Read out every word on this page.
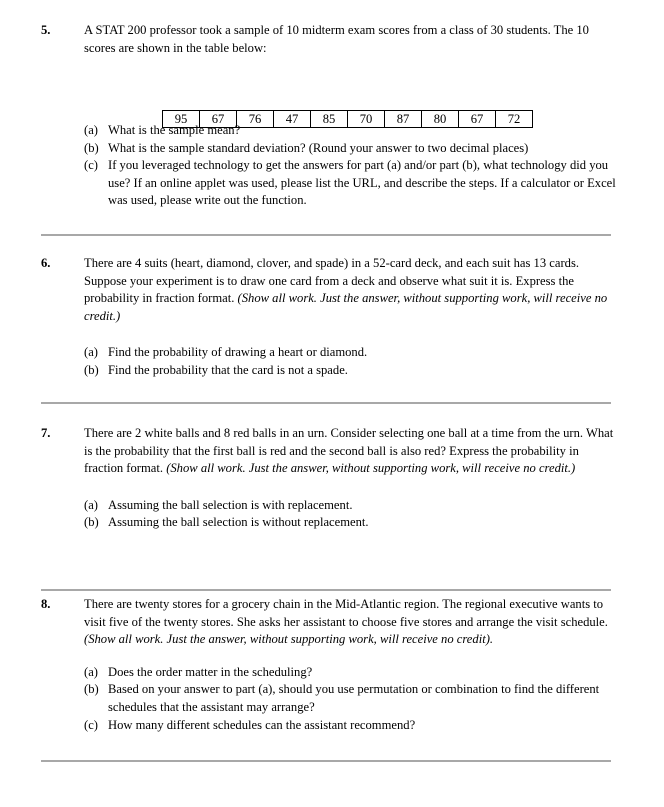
5.	A STAT 200 professor took a sample of 10 midterm exam scores from a class of 30 students. The 10 scores are shown in the table below:

95	67	76	47	85	70	87	80	67	72
(a) What is the sample mean?
(b) What is the sample standard deviation? (Round your answer to two decimal places)
(c) If you leveraged technology to get the answers for part (a) and/or part (b), what technology did you use? If an online applet was used, please list the URL, and describe the steps. If a calculator or Excel was used, please write out the function.
6.	There are 4 suits (heart, diamond, clover, and spade) in a 52-card deck, and each suit has 13 cards. Suppose your experiment is to draw one card from a deck and observe what suit it is. Express the probability in fraction format. (Show all work. Just the answer, without supporting work, will receive no credit.)

(a) Find the probability of drawing a heart or diamond.
(b) Find the probability that the card is not a spade.
7.	There are 2 white balls and 8 red balls in an urn. Consider selecting one ball at a time from the urn. What is the probability that the first ball is red and the second ball is also red? Express the probability in fraction format. (Show all work. Just the answer, without supporting work, will receive no credit.)

(a) Assuming the ball selection is with replacement.
(b) Assuming the ball selection is without replacement.
8.	There are twenty stores for a grocery chain in the Mid-Atlantic region. The regional executive wants to visit five of the twenty stores. She asks her assistant to choose five stores and arrange the visit schedule. (Show all work. Just the answer, without supporting work, will receive no credit).

(a) Does the order matter in the scheduling?
(b) Based on your answer to part (a), should you use permutation or combination to find the different schedules that the assistant may arrange?
(c) How many different schedules can the assistant recommend?
